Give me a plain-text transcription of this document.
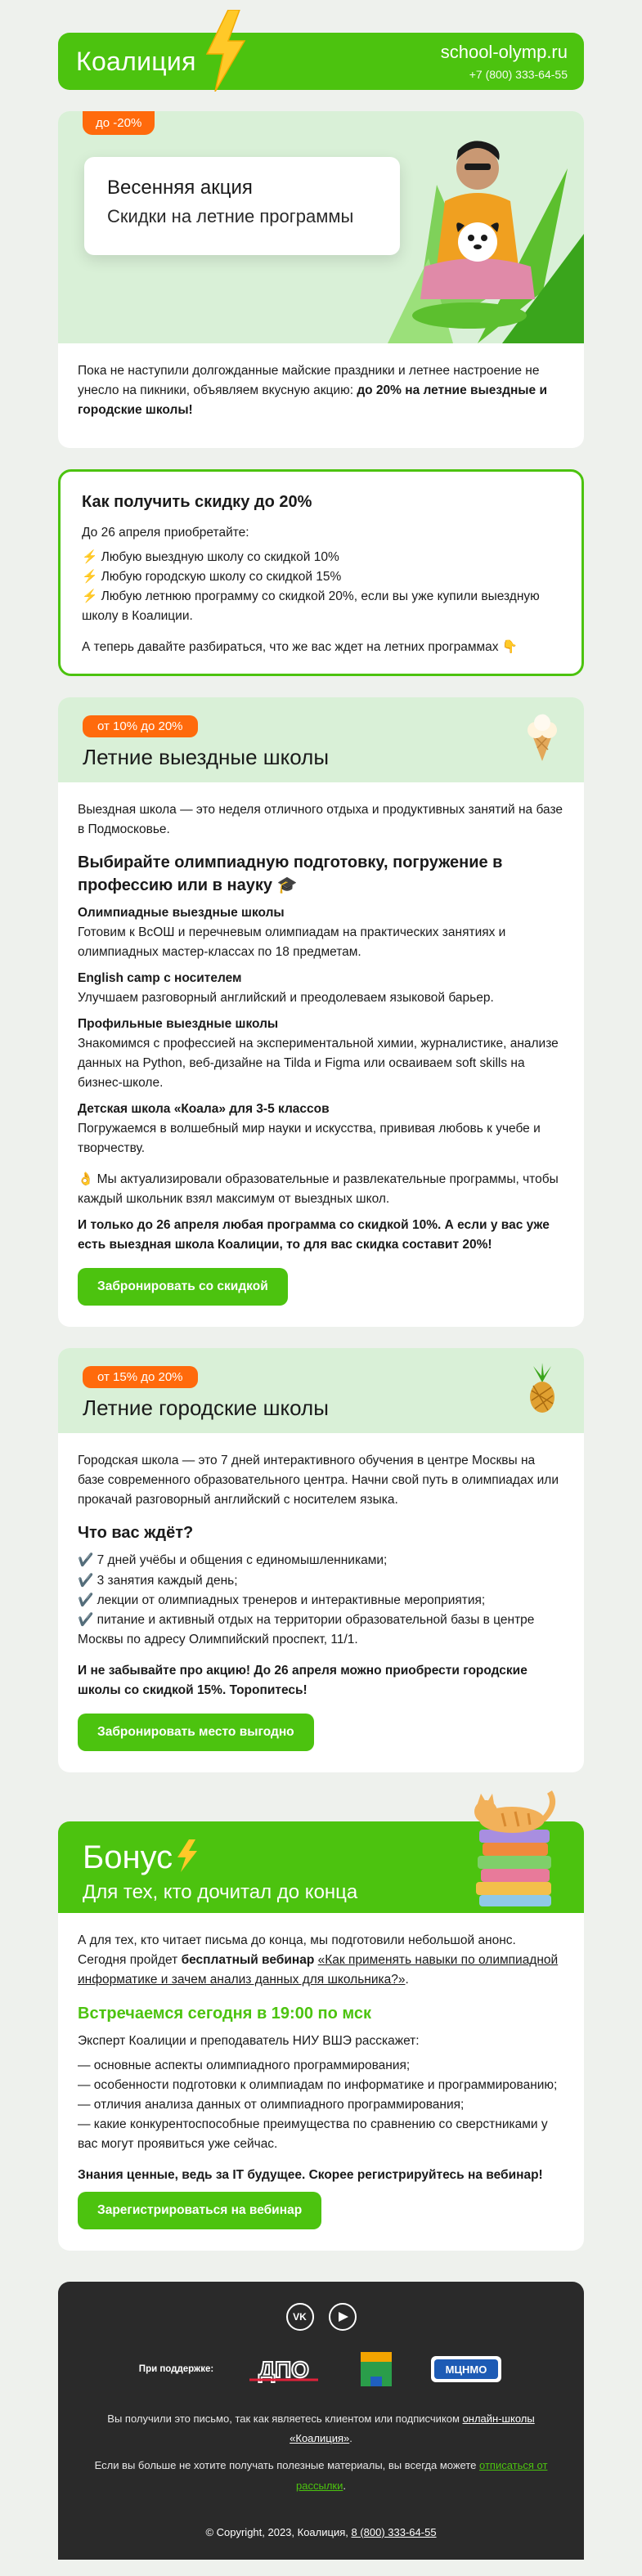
Коалиция	school-olymp.ru
+7 (800) 333-64-55
до -20%
Весенняя акция
Скидки на летние программы

Пока не наступили долгожданные майские праздники и летнее настроение не унесло на пикники, объявляем вкусную акцию: до 20% на летние выездные и городские школы!

Как получить скидку до 20%

До 26 апреля приобретайте:

⚡ Любую выездную школу со скидкой 10%

⚡ Любую городскую школу со скидкой 15%

⚡ Любую летнюю программу со скидкой 20%, если вы уже купили выездную школу в Коалиции.

А теперь давайте разбираться, что же вас ждет на летних программах 👇

от 10% до 20%
Летние выездные школы

Выездная школа — это неделя отличного отдыха и продуктивных занятий на базе в Подмосковье.

Выбирайте олимпиадную подготовку, погружение в профессию или в науку 🎓
Олимпиадные выездные школы

Готовим к ВсОШ и перечневым олимпиадам на практических занятиях и олимпиадных мастер-классах по 18 предметам.

English camp с носителем

Улучшаем разговорный английский и преодолеваем языковой барьер.

Профильные выездные школы

Знакомимся с профессией на экспериментальной химии, журналистике, анализе данных на Python, веб-дизайне на Tilda и Figma или осваиваем soft skills на бизнес-школе.

Детская школа «Коала» для 3-5 классов

Погружаемся в волшебный мир науки и искусства, прививая любовь к учебе и творчеству.

👌 Мы актуализировали образовательные и развлекательные программы, чтобы каждый школьник взял максимум от выездных школ.

И только до 26 апреля любая программа со скидкой 10%. А если у вас уже есть выездная школа Коалиции, то для вас скидка составит 20%!

Забронировать со скидкой
от 15% до 20%
Летние городские школы

Городская школа — это 7 дней интерактивного обучения в центре Москвы на базе современного образовательного центра. Начни свой путь в олимпиадах или прокачай разговорный английский с носителем языка.

Что вас ждёт?

✔️ 7 дней учёбы и общения с единомышленниками;

✔️ 3 занятия каждый день;

✔️ лекции от олимпиадных тренеров и интерактивные мероприятия;

✔️ питание и активный отдых на территории образовательной базы в центре Москвы по адресу Олимпийский проспект, 11/1.

И не забывайте про акцию! До 26 апреля можно приобрести городские школы со скидкой 15%. Торопитесь!

Забронировать место выгодно
Бонус
Для тех, кто дочитал до конца

А для тех, кто читает письма до конца, мы подготовили небольшой анонс. Сегодня пройдет бесплатный вебинар «Как применять навыки по олимпиадной информатике и зачем анализ данных для школьника?».

Встречаемся сегодня в 19:00 по мск

Эксперт Коалиции и преподаватель НИУ ВШЭ расскажет:

— основные аспекты олимпиадного программирования;

— особенности подготовки к олимпиадам по информатике и программированию;

— отличия анализа данных от олимпиадного программирования;

— какие конкурентоспособные преимущества по сравнению со сверстниками у вас могут проявиться уже сейчас.

Знания ценные, ведь за IT будущее. Скорее регистрируйтесь на вебинар!

Зарегистрироваться на вебинар
VK
При поддержке: ДПО	МЦНМО

Вы получили это письмо, так как являетесь клиентом или подписчиком онлайн-школы «Коалиция».

Если вы больше не хотите получать полезные материалы, вы всегда можете отписаться от рассылки.

© Copyright, 2023, Коалиция, 8 (800) 333-64-55
